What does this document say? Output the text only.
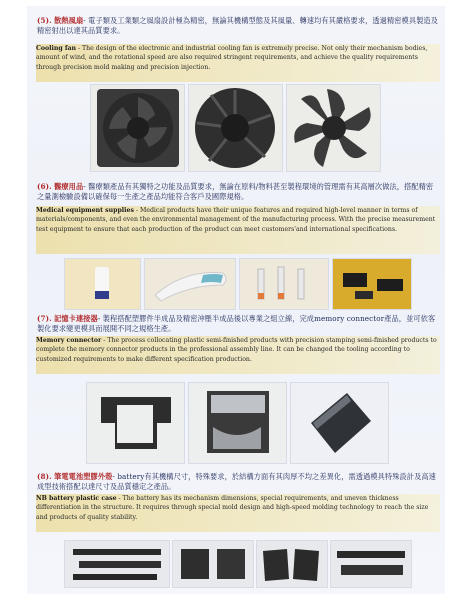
(5). 散熱風扇- 電子類及工業類之風扇設計極為精密，無論其機構型態及其風量、轉速均有其嚴格要求，透過精密模具製造及精密射出以達其品質要求。
Cooling fan - The design of the electronic and industrial cooling fan is extremely precise. Not only their mechanism bodies, amount of wind, and the rotational speed are also required stringent requirements, and achieve the quality requirements through precision mold making and precision injection.
(6). 醫療用品- 醫療類產品有其獨特之功能及品質要求，無論在原料/物料甚至製程環境的管理需有其高層次做法，搭配精密之量測檢驗設備以確保每一生產之產品均能符合客戶及國際規格。
Medical equipment supplies - Medical products have their unique features and required high-level manner in terms of materials/components, and even the environmental management of the manufacturing process. With the precise measurement test equipment to ensure that each production of the product can meet customers'and international specifications.
(7). 記憶卡連接器- 製程搭配塑膠件半成品及精密沖壓半成品後以專業之組立線，完成memory connector產品，並可依客製化要求變更模具而展開不同之規格生產。
Memory connector - The process collocating plastic semi-finished products with precision stamping semi-finished products to complete the memory connector products in the professional assembly line. It can be changed the tooling according to customized requirements to make different specification production.
(8). 筆電電池塑膠外殼- battery有其機構尺寸，特殊要求，於結構方面有其肉厚不均之差異化，需透過模具特殊設計及高速成型技術搭配以達尺寸及品質穩定之產品。
NB battery plastic case - The battery has its mechanism dimensions, special requirements, and uneven thickness differentiation in the structure. It requires through special mold design and high-speed molding technology to reach the size and products of quality stability.
